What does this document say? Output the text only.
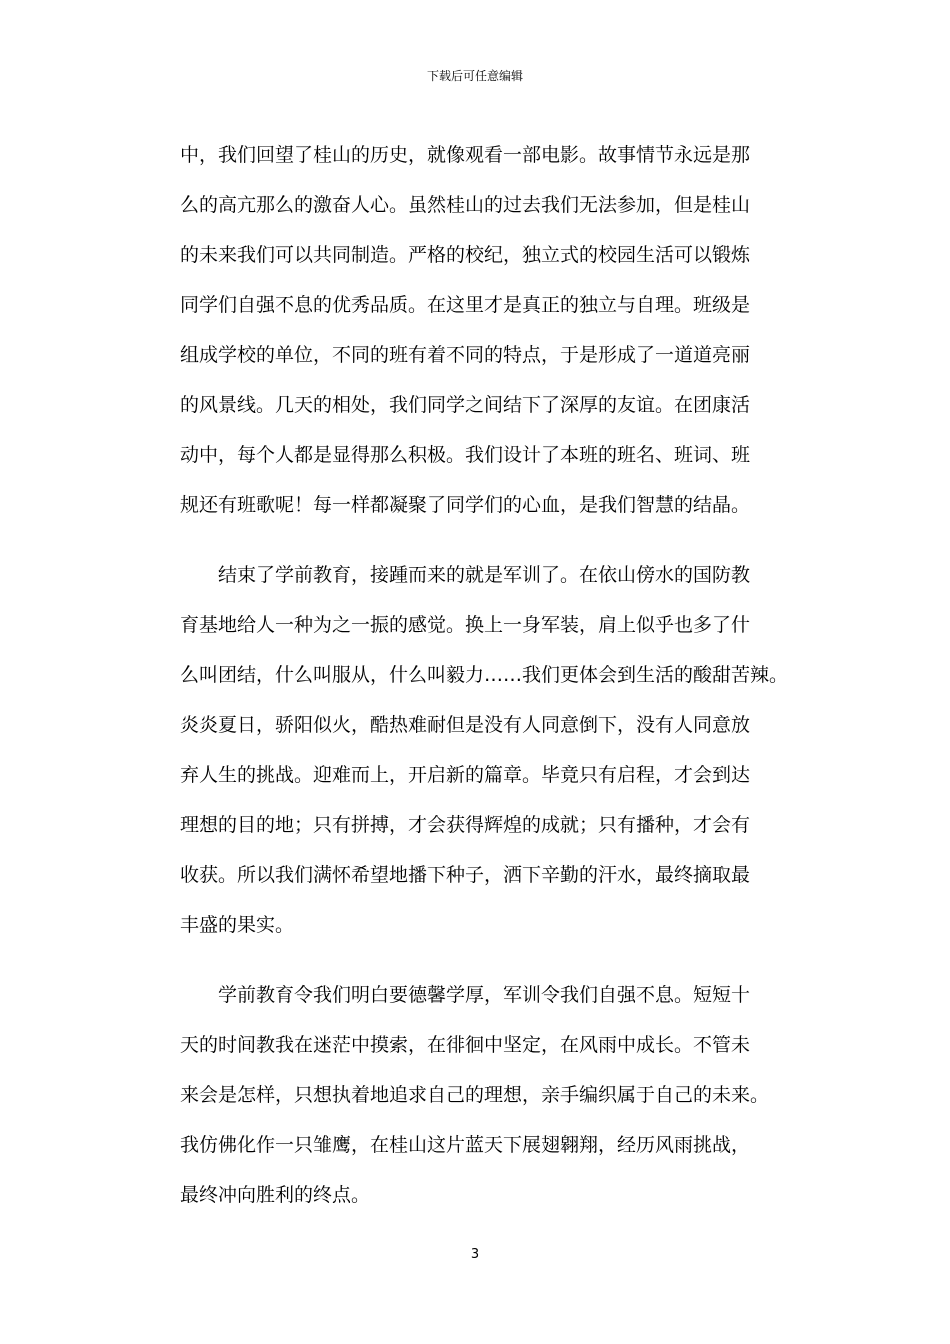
下载后可任意编辑
中，我们回望了桂山的历史，就像观看一部电影。故事情节永远是那
么的高亢那么的激奋人心。虽然桂山的过去我们无法参加，但是桂山
的未来我们可以共同制造。严格的校纪，独立式的校园生活可以锻炼
同学们自强不息的优秀品质。在这里才是真正的独立与自理。班级是
组成学校的单位，不同的班有着不同的特点，于是形成了一道道亮丽
的风景线。几天的相处，我们同学之间结下了深厚的友谊。在团康活
动中，每个人都是显得那么积极。我们设计了本班的班名、班词、班
规还有班歌呢！每一样都凝聚了同学们的心血，是我们智慧的结晶。
结束了学前教育，接踵而来的就是军训了。在依山傍水的国防教
育基地给人一种为之一振的感觉。换上一身军装，肩上似乎也多了什
么叫团结，什么叫服从，什么叫毅力……我们更体会到生活的酸甜苦辣。
炎炎夏日，骄阳似火，酷热难耐但是没有人同意倒下，没有人同意放
弃人生的挑战。迎难而上，开启新的篇章。毕竟只有启程，才会到达
理想的目的地；只有拼搏，才会获得辉煌的成就；只有播种，才会有
收获。所以我们满怀希望地播下种子，洒下辛勤的汗水，最终摘取最
丰盛的果实。
学前教育令我们明白要德馨学厚，军训令我们自强不息。短短十
天的时间教我在迷茫中摸索，在徘徊中坚定，在风雨中成长。不管未
来会是怎样，只想执着地追求自己的理想，亲手编织属于自己的未来。
我仿佛化作一只雏鹰，在桂山这片蓝天下展翅翱翔，经历风雨挑战，
最终冲向胜利的终点。
3
